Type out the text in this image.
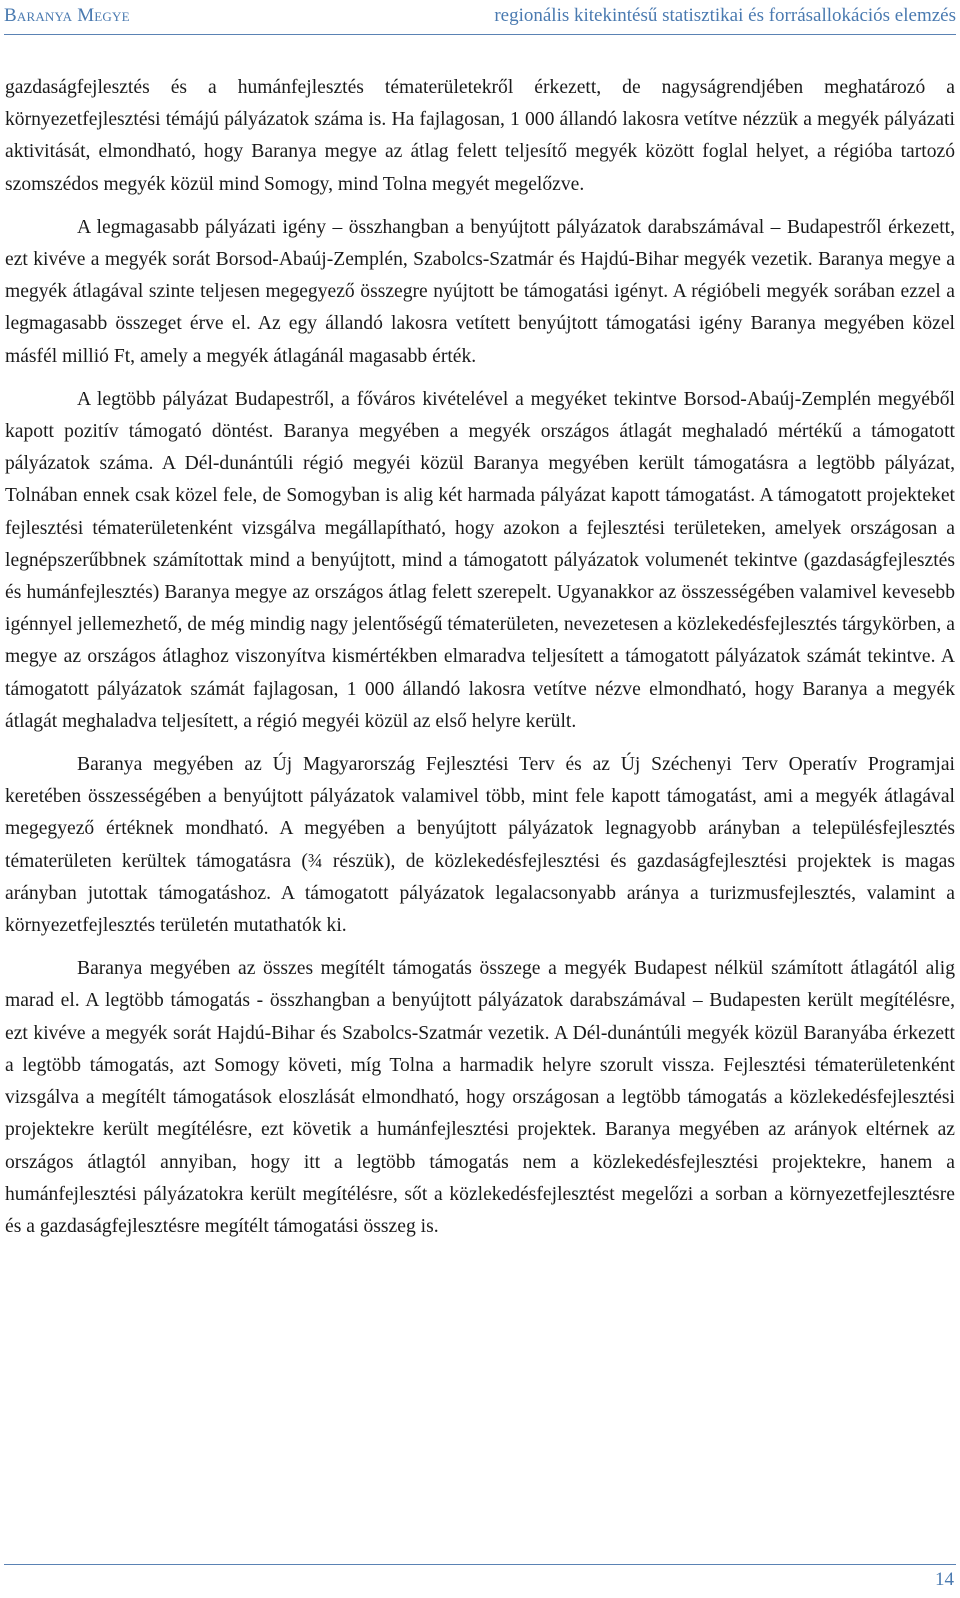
Baranya Megye	regionális kitekintésű statisztikai és forrásallokációs elemzés

gazdaságfejlesztés és a humánfejlesztés tématerületekről érkezett, de nagyságrendjében meghatározó a környezetfejlesztési témájú pályázatok száma is. Ha fajlagosan, 1 000 állandó lakosra vetítve nézzük a megyék pályázati aktivitását, elmondható, hogy Baranya megye az átlag felett teljesítő megyék között foglal helyet, a régióba tartozó szomszédos megyék közül mind Somogy, mind Tolna megyét megelőzve.

A legmagasabb pályázati igény – összhangban a benyújtott pályázatok darabszámával – Budapestről érkezett, ezt kivéve a megyék sorát Borsod-Abaúj-Zemplén, Szabolcs-Szatmár és Hajdú-Bihar megyék vezetik. Baranya megye a megyék átlagával szinte teljesen megegyező összegre nyújtott be támogatási igényt. A régióbeli megyék sorában ezzel a legmagasabb összeget érve el. Az egy állandó lakosra vetített benyújtott támogatási igény Baranya megyében közel másfél millió Ft, amely a megyék átlagánál magasabb érték.

A legtöbb pályázat Budapestről, a főváros kivételével a megyéket tekintve Borsod-Abaúj-Zemplén megyéből kapott pozitív támogató döntést. Baranya megyében a megyék országos átlagát meghaladó mértékű a támogatott pályázatok száma. A Dél-dunántúli régió megyéi közül Baranya megyében került támogatásra a legtöbb pályázat, Tolnában ennek csak közel fele, de Somogyban is alig két harmada pályázat kapott támogatást. A támogatott projekteket fejlesztési tématerületenként vizsgálva megállapítható, hogy azokon a fejlesztési területeken, amelyek országosan a legnépszerűbbnek számítottak mind a benyújtott, mind a támogatott pályázatok volumenét tekintve (gazdaságfejlesztés és humánfejlesztés) Baranya megye az országos átlag felett szerepelt. Ugyanakkor az összességében valamivel kevesebb igénnyel jellemezhető, de még mindig nagy jelentőségű tématerületen, nevezetesen a közlekedésfejlesztés tárgykörben, a megye az országos átlaghoz viszonyítva kismértékben elmaradva teljesített a támogatott pályázatok számát tekintve. A támogatott pályázatok számát fajlagosan, 1 000 állandó lakosra vetítve nézve elmondható, hogy Baranya a megyék átlagát meghaladva teljesített, a régió megyéi közül az első helyre került.

Baranya megyében az Új Magyarország Fejlesztési Terv és az Új Széchenyi Terv Operatív Programjai keretében összességében a benyújtott pályázatok valamivel több, mint fele kapott támogatást, ami a megyék átlagával megegyező értéknek mondható. A megyében a benyújtott pályázatok legnagyobb arányban a településfejlesztés tématerületen kerültek támogatásra (¾ részük), de közlekedésfejlesztési és gazdaságfejlesztési projektek is magas arányban jutottak támogatáshoz. A támogatott pályázatok legalacsonyabb aránya a turizmusfejlesztés, valamint a környezetfejlesztés területén mutathatók ki.

Baranya megyében az összes megítélt támogatás összege a megyék Budapest nélkül számított átlagától alig marad el. A legtöbb támogatás - összhangban a benyújtott pályázatok darabszámával – Budapesten került megítélésre, ezt kivéve a megyék sorát Hajdú-Bihar és Szabolcs-Szatmár vezetik. A Dél-dunántúli megyék közül Baranyába érkezett a legtöbb támogatás, azt Somogy követi, míg Tolna a harmadik helyre szorult vissza. Fejlesztési tématerületenként vizsgálva a megítélt támogatások eloszlását elmondható, hogy országosan a legtöbb támogatás a közlekedésfejlesztési projektekre került megítélésre, ezt követik a humánfejlesztési projektek. Baranya megyében az arányok eltérnek az országos átlagtól annyiban, hogy itt a legtöbb támogatás nem a közlekedésfejlesztési projektekre, hanem a humánfejlesztési pályázatokra került megítélésre, sőt a közlekedésfejlesztést megelőzi a sorban a környezetfejlesztésre és a gazdaságfejlesztésre megítélt támogatási összeg is.

14
